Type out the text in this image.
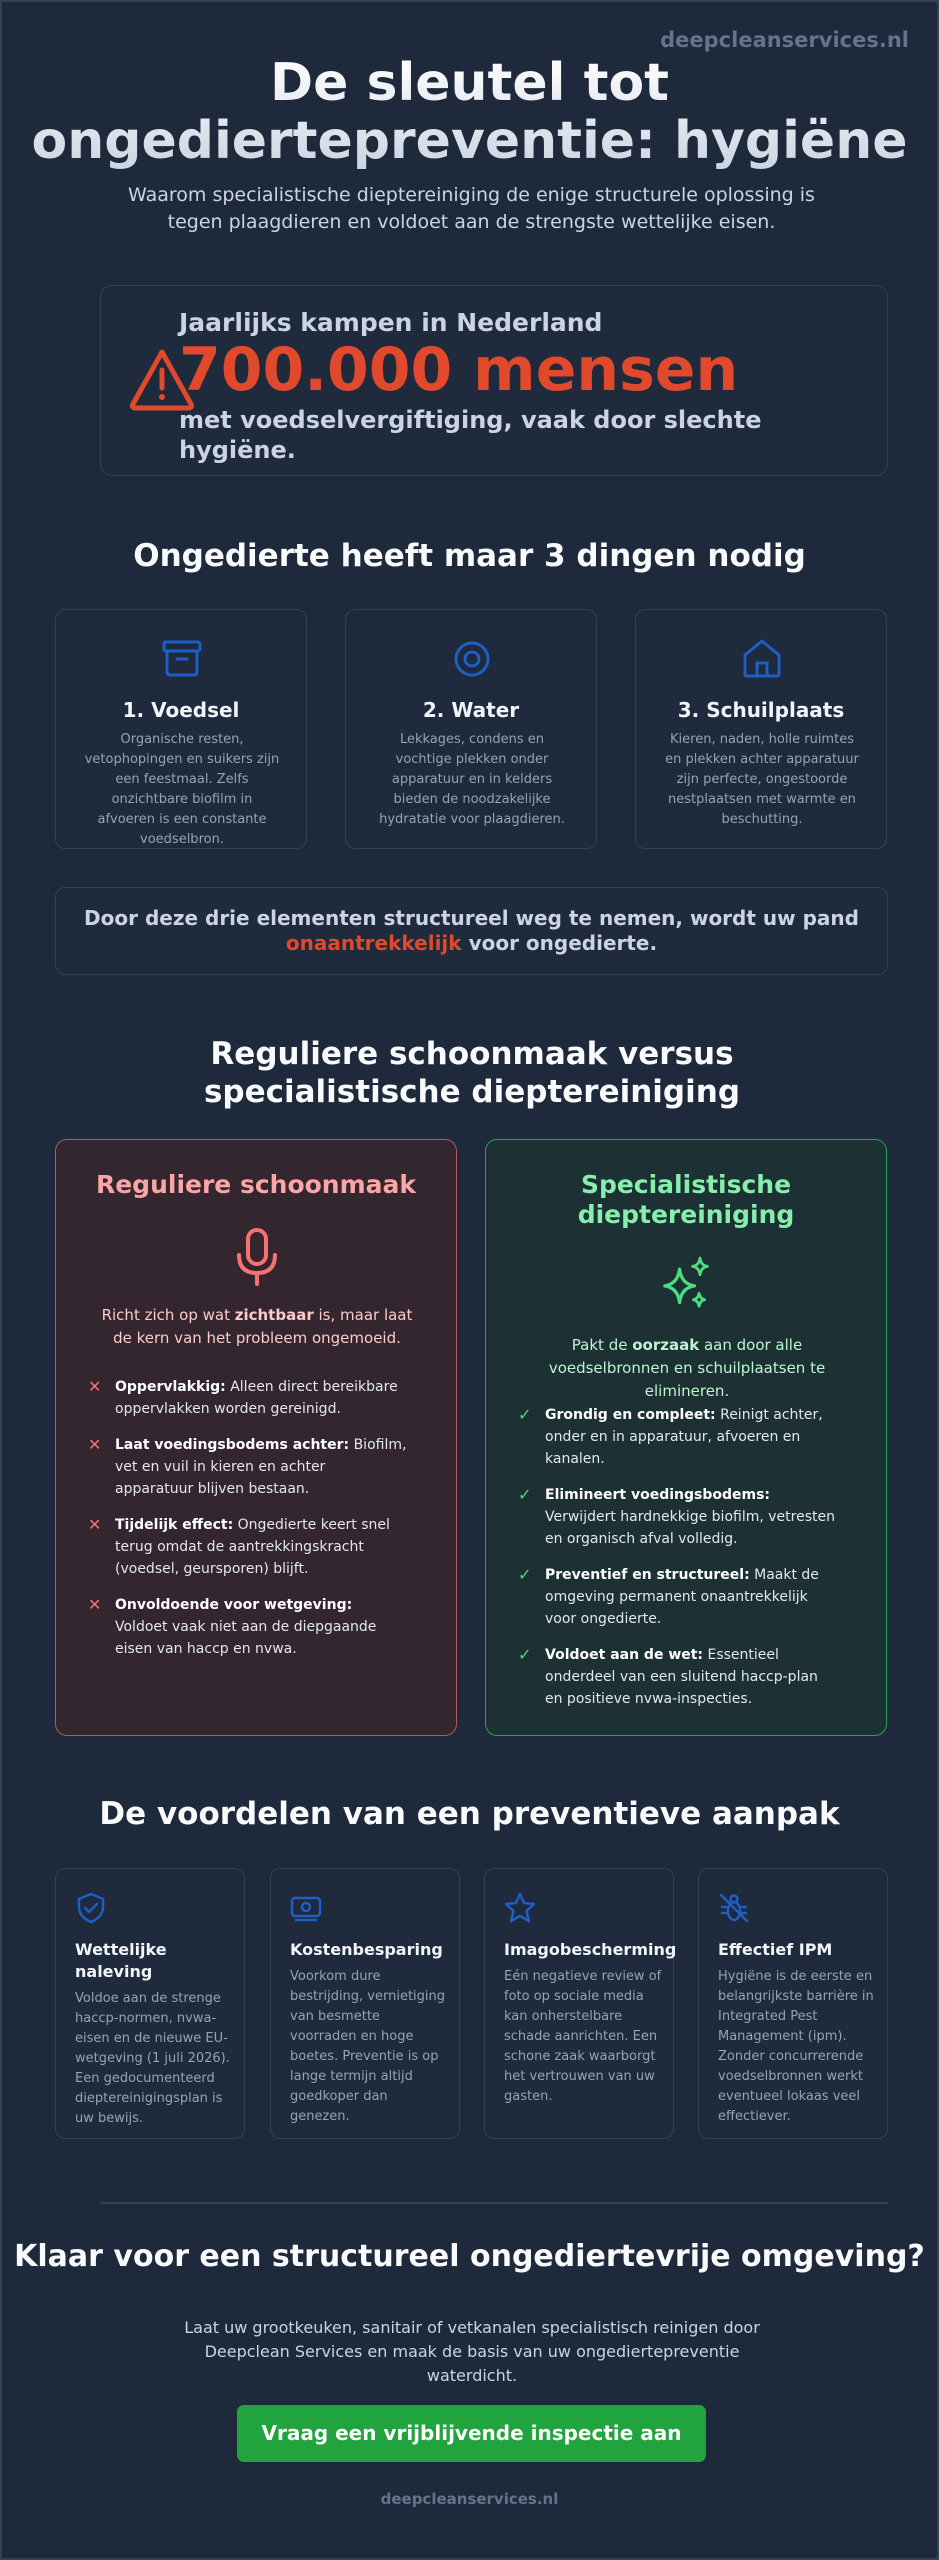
deepcleanservices.nl
De sleutel tot ongediertepreventie: hygiëne

Waarom specialistische dieptereiniging de enige structurele oplossing is tegen plaagdieren en voldoet aan de strengste wettelijke eisen.

Jaarlijks kampen in Nederland
700.000 mensen
met voedselvergiftiging, vaak door slechte hygiëne.
Ongedierte heeft maar 3 dingen nodig
1. Voedsel
Organische resten, vetophopingen en suikers zijn een feestmaal. Zelfs onzichtbare biofilm in afvoeren is een constante voedselbron.
2. Water
Lekkages, condens en vochtige plekken onder apparatuur en in kelders bieden de noodzakelijke hydratatie voor plaagdieren.
3. Schuilplaats
Kieren, naden, holle ruimtes en plekken achter apparatuur zijn perfecte, ongestoorde nestplaatsen met warmte en beschutting.
Door deze drie elementen structureel weg te nemen, wordt uw pand
onaantrekkelijk voor ongedierte.
Reguliere schoonmaak versus specialistische dieptereiniging
Reguliere schoonmaak

Richt zich op wat zichtbaar is, maar laat de kern van het probleem ongemoeid.

✕ Oppervlakkig: Alleen direct bereikbare oppervlakken worden gereinigd.
✕ Laat voedingsbodems achter: Biofilm, vet en vuil in kieren en achter apparatuur blijven bestaan.
✕ Tijdelijk effect: Ongedierte keert snel terug omdat de aantrekkingskracht (voedsel, geursporen) blijft.
✕ Onvoldoende voor wetgeving: Voldoet vaak niet aan de diepgaande eisen van haccp en nvwa.
Specialistische dieptereiniging

Pakt de oorzaak aan door alle voedselbronnen en schuilplaatsen te elimineren.

✓ Grondig en compleet: Reinigt achter, onder en in apparatuur, afvoeren en kanalen.
✓ Elimineert voedingsbodems: Verwijdert hardnekkige biofilm, vetresten en organisch afval volledig.
✓ Preventief en structureel: Maakt de omgeving permanent onaantrekkelijk voor ongedierte.
✓ Voldoet aan de wet: Essentieel onderdeel van een sluitend haccp-plan en positieve nvwa-inspecties.
De voordelen van een preventieve aanpak
Wettelijke naleving
Voldoe aan de strenge haccp-normen, nvwa-eisen en de nieuwe EU-wetgeving (1 juli 2026). Een gedocumenteerd dieptereinigingsplan is uw bewijs.
Kostenbesparing
Voorkom dure bestrijding, vernietiging van besmette voorraden en hoge boetes. Preventie is op lange termijn altijd goedkoper dan genezen.
Imagobescherming
Eén negatieve review of foto op sociale media kan onherstelbare schade aanrichten. Een schone zaak waarborgt het vertrouwen van uw gasten.
Effectief IPM
Hygiëne is de eerste en belangrijkste barrière in Integrated Pest Management (ipm). Zonder concurrerende voedselbronnen werkt eventueel lokaas veel effectiever.
Klaar voor een structureel ongediertevrije omgeving?

Laat uw grootkeuken, sanitair of vetkanalen specialistisch reinigen door Deepclean Services en maak de basis van uw ongediertepreventie waterdicht.

Vraag een vrijblijvende inspectie aan
deepcleanservices.nl
